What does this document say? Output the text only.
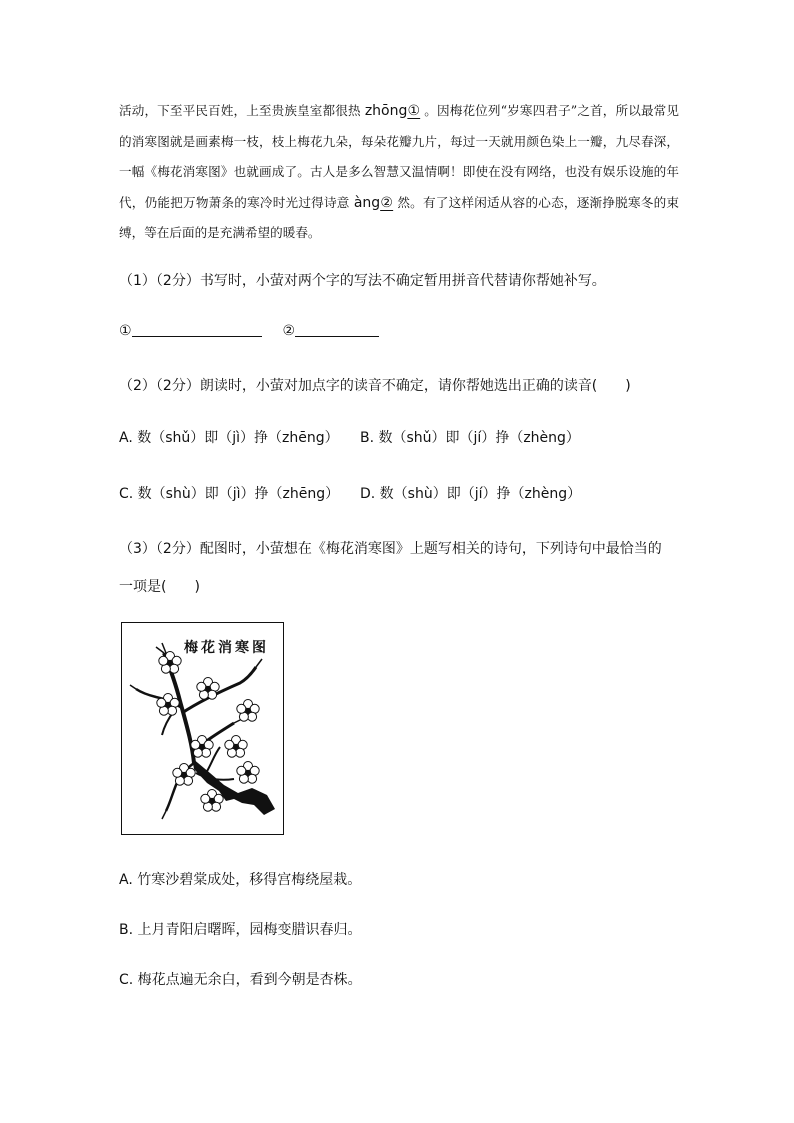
活动，下至平民百姓，上至贵族皇室都很热 zhōng① 。因梅花位列“岁寒四君子”之首，所以最常见的消寒图就是画素梅一枝，枝上梅花九朵，每朵花瓣九片，每过一天就用颜色染上一瓣，九尽春深，一幅《梅花消寒图》也就画成了。古人是多么智慧又温情啊！即使在没有网络，也没有娱乐设施的年代，仍能把万物萧条的寒冷时光过得诗意 àng② 然。有了这样闲适从容的心态，逐渐挣脱寒冬的束缚，等在后面的是充满希望的暖春。

（1）（2分）书写时，小萤对两个字的写法不确定暂用拼音代替请你帮她补写。
①	②
（2）（2分）朗读时，小萤对加点字的读音不确定，请你帮她选出正确的读音(　　)
A. 数（shǔ）即（jì）挣（zhēng） B. 数（shǔ）即（jí）挣（zhèng）
C. 数（shù）即（jì）挣（zhēng） D. 数（shù）即（jí）挣（zhèng）
（3）（2分）配图时，小萤想在《梅花消寒图》上题写相关的诗句，下列诗句中最恰当的
一项是(　　)
梅花消寒图
A. 竹寒沙碧棠成处，移得宫梅绕屋栽。
B. 上月青阳启曙晖，园梅变腊识春归。
C. 梅花点遍无余白，看到今朝是杏株。
